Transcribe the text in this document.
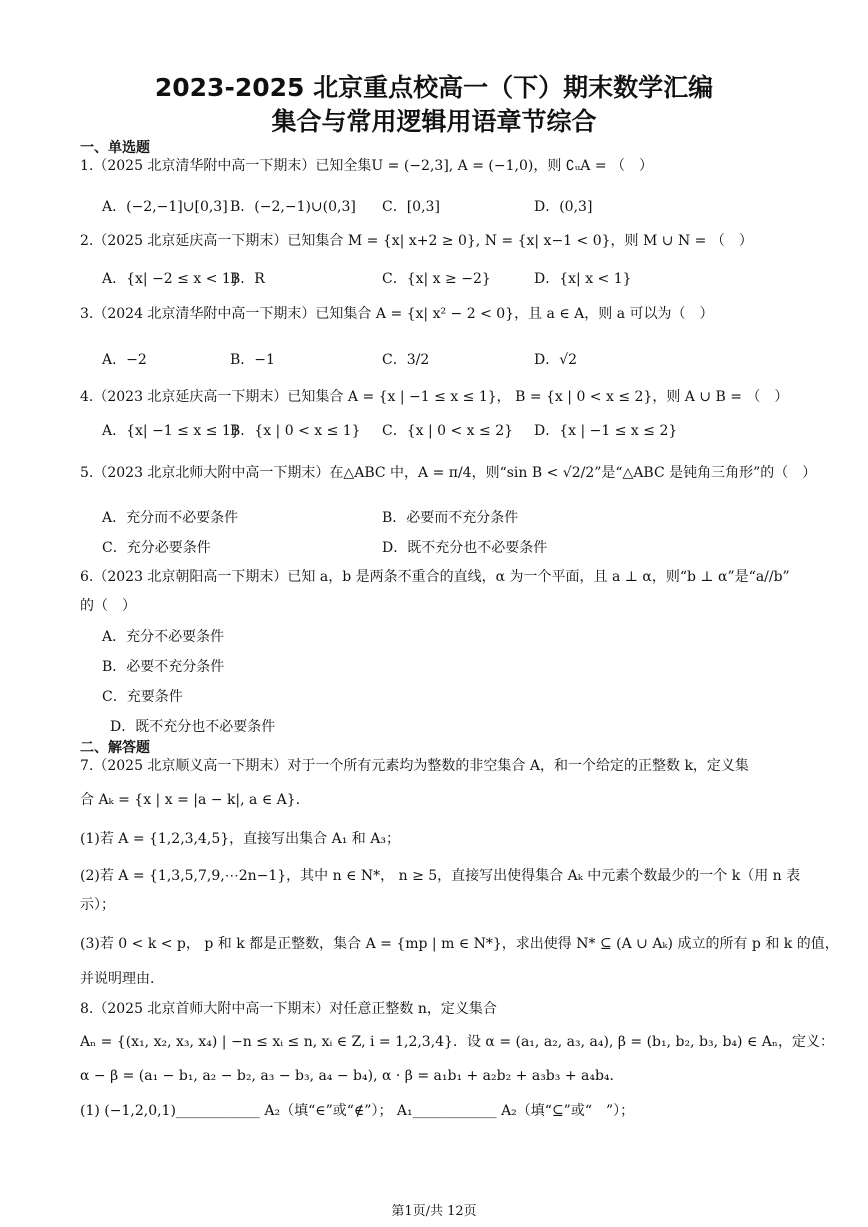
2023-2025 北京重点校高一（下）期末数学汇编
集合与常用逻辑用语章节综合
一、单选题
1.（2025 北京清华附中高一下期末）已知全集U = (−2,3], A = (−1,0)，则 ∁ᵤA = （　）
A．(−2,−1]∪[0,3] B．(−2,−1)∪(0,3] C．[0,3]	D．(0,3]
2.（2025 北京延庆高一下期末）已知集合 M = {x| x+2 ≥ 0}, N = {x| x−1 < 0}，则 M ∪ N = （　）
A．{x| −2 ≤ x < 1}
B．R	C．{x| x ≥ −2}	D．{x| x < 1}
3.（2024 北京清华附中高一下期末）已知集合 A = {x| x² − 2 < 0}，且 a ∈ A，则 a 可以为（　）
A．−2	B．−1	C．3/2	D．√2
4.（2023 北京延庆高一下期末）已知集合 A = {x | −1 ≤ x ≤ 1}， B = {x | 0 < x ≤ 2}，则 A ∪ B = （　）
A．{x| −1 ≤ x ≤ 1}
B．{x | 0 < x ≤ 1} C．{x | 0 < x ≤ 2} D．{x | −1 ≤ x ≤ 2}
5.（2023 北京北师大附中高一下期末）在△ABC 中，A = π/4，则“sin B < √2/2”是“△ABC 是钝角三角形”的（　）
A．充分而不必要条件	B．必要而不充分条件
C．充分必要条件	D．既不充分也不必要条件
6.（2023 北京朝阳高一下期末）已知 a，b 是两条不重合的直线，α 为一个平面，且 a ⊥ α，则“b ⊥ α”是“a//b”
的（　）
A．充分不必要条件
B．必要不充分条件
C．充要条件
D．既不充分也不必要条件
二、解答题
7.（2025 北京顺义高一下期末）对于一个所有元素均为整数的非空集合 A，和一个给定的正整数 k，定义集
合 Aₖ = {x | x = |a − k|, a ∈ A}.
(1)若 A = {1,2,3,4,5}，直接写出集合 A₁ 和 A₃；
(2)若 A = {1,3,5,7,9,⋯2n−1}，其中 n ∈ N*， n ≥ 5，直接写出使得集合 Aₖ 中元素个数最少的一个 k（用 n 表
示）；
(3)若 0 < k < p， p 和 k 都是正整数，集合 A = {mp | m ∈ N*}，求出使得 N* ⊆ (A ∪ Aₖ) 成立的所有 p 和 k 的值，
并说明理由.
8.（2025 北京首师大附中高一下期末）对任意正整数 n，定义集合
Aₙ = {(x₁, x₂, x₃, x₄) | −n ≤ xᵢ ≤ n, xᵢ ∈ Z, i = 1,2,3,4}．设 α = (a₁, a₂, a₃, a₄), β = (b₁, b₂, b₃, b₄) ∈ Aₙ，定义：
α − β = (a₁ − b₁, a₂ − b₂, a₃ − b₃, a₄ − b₄), α · β = a₁b₁ + a₂b₂ + a₃b₃ + a₄b₄.
(1) (−1,2,0,1)____________ A₂（填“∈”或“∉”）； A₁____________ A₂（填“⊆”或“　”）；
第1页/共 12页
